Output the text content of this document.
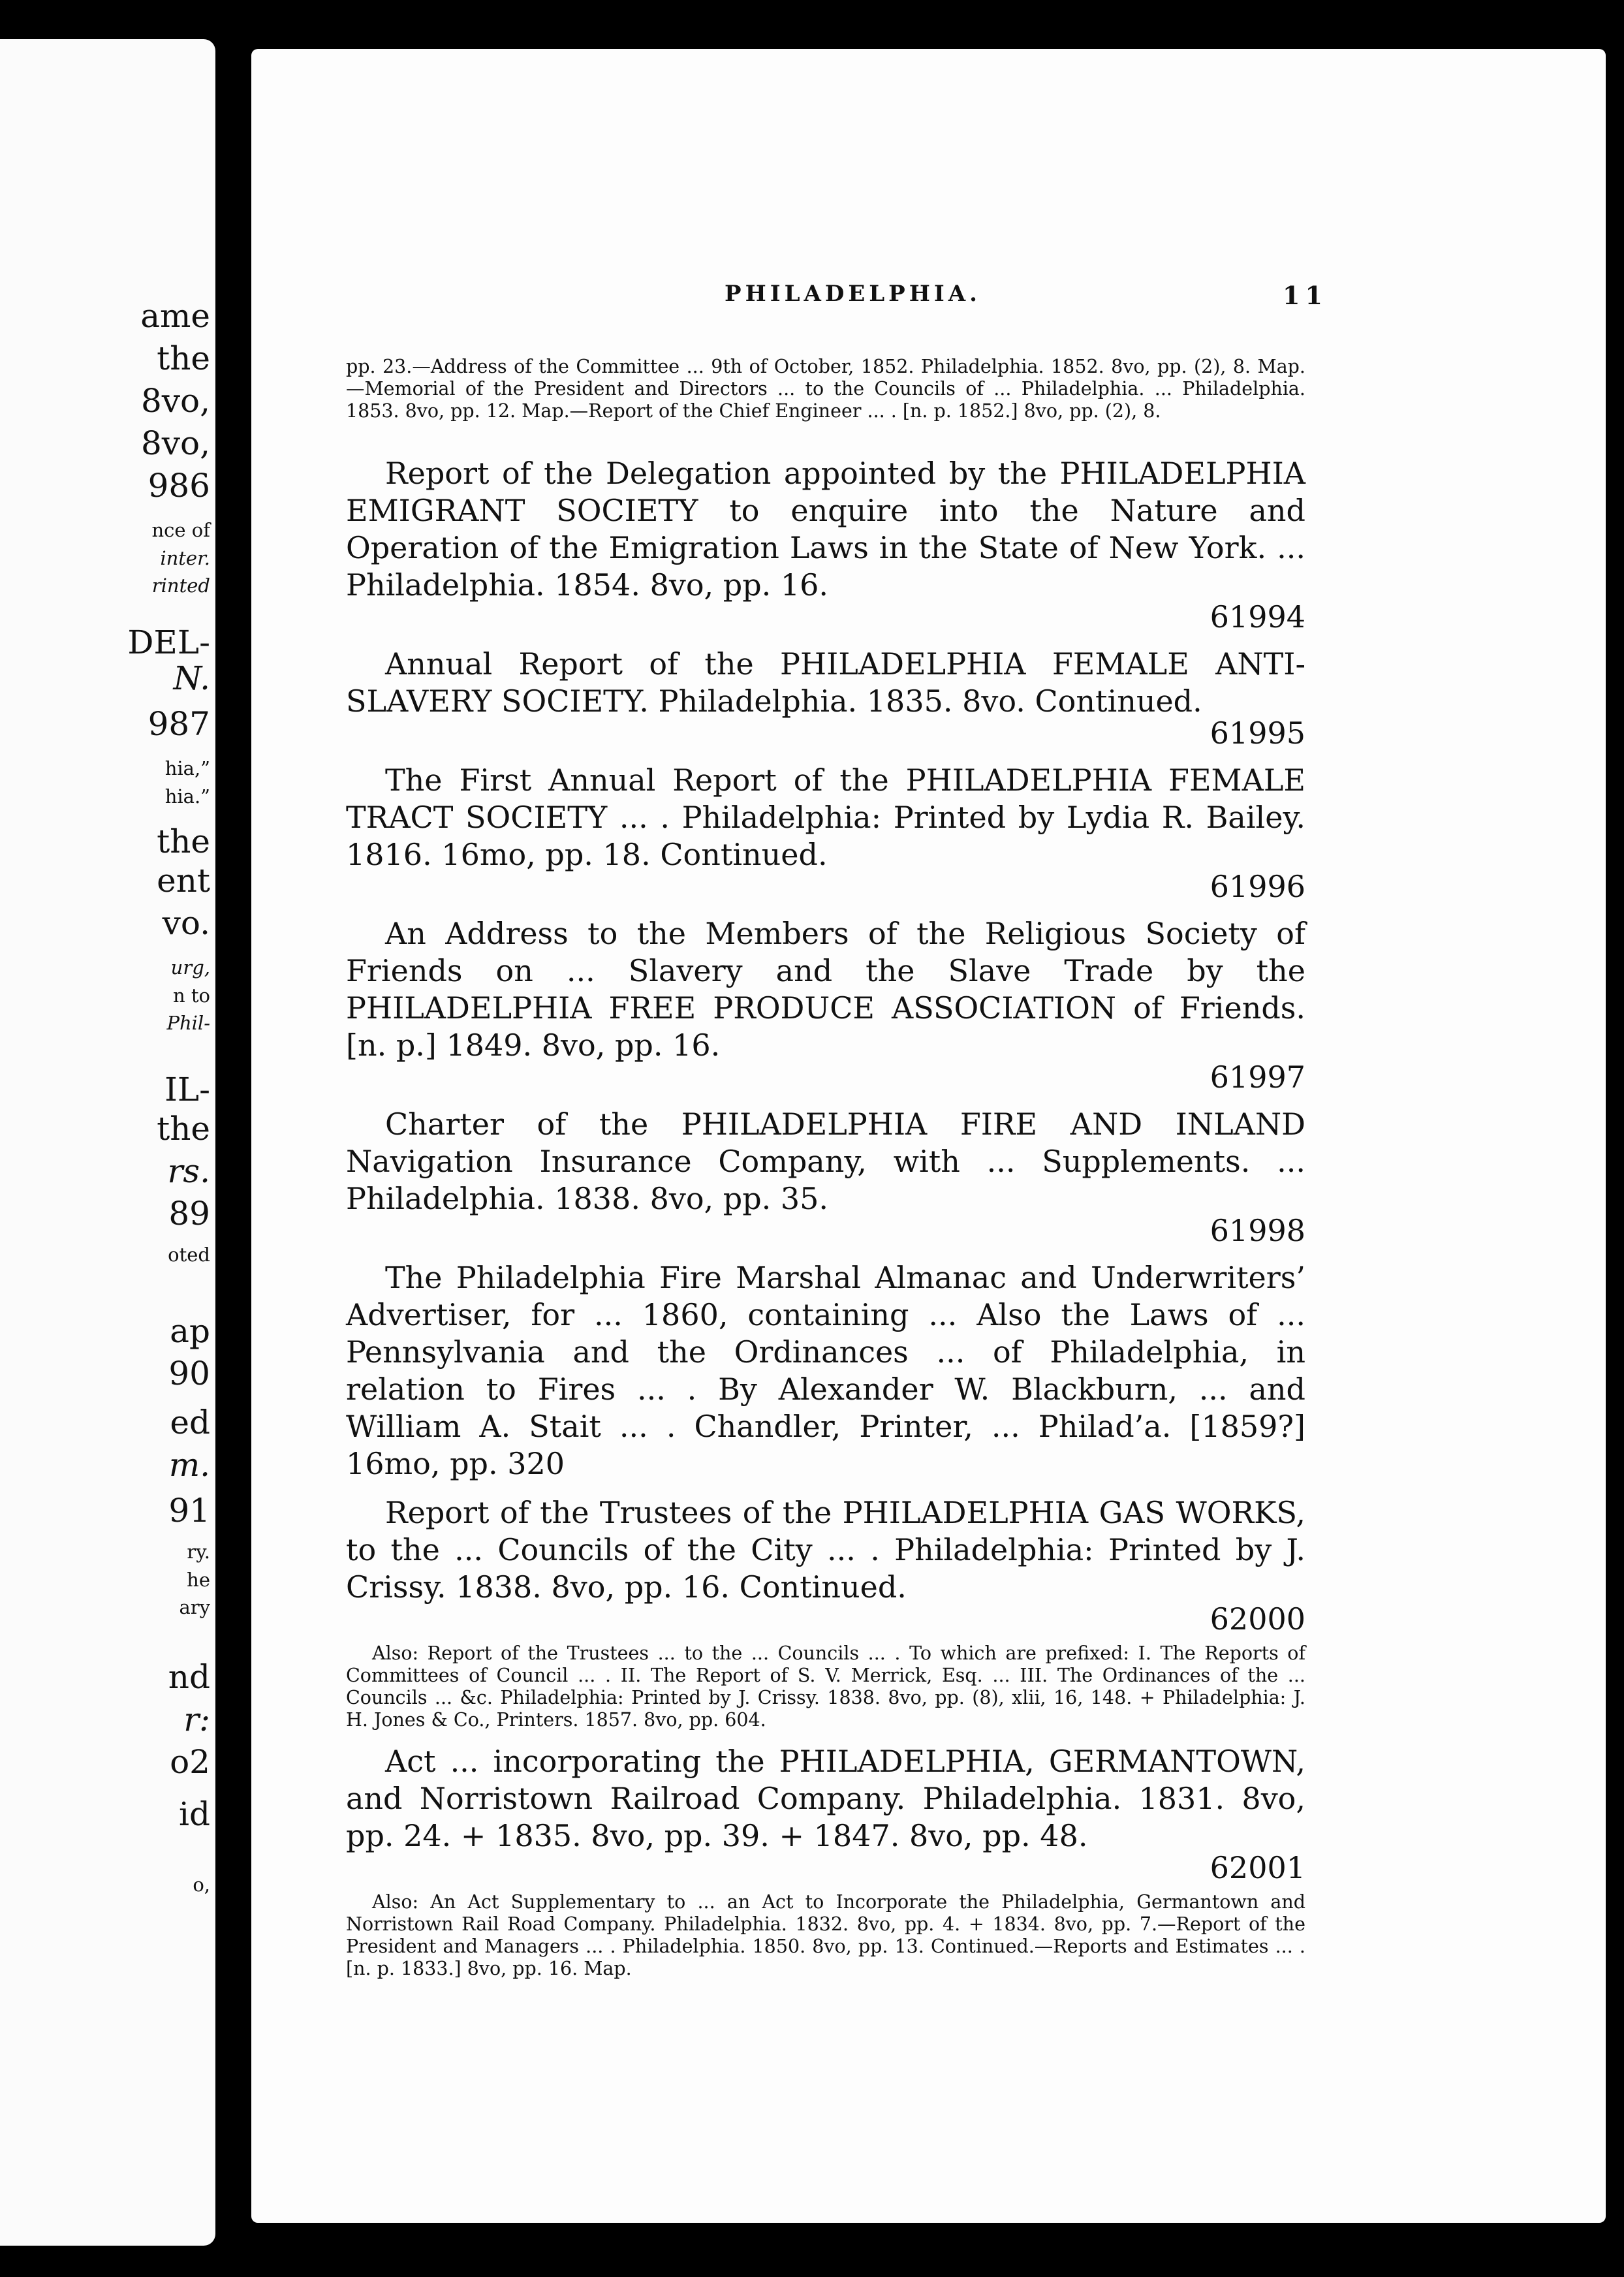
ame
the
8vo,
8vo,
986
nce of
inter.
rinted
DEL-
N.
987
hia,”
hia.”
the
ent
vo.
urg,
n to
Phil-
IL-
the
rs.
89
oted
ap
90
ed
m.
91
ry.
he
ary
nd
r:
o2
id
o,
PHILADELPHIA.	11

pp. 23.—Address of the Committee ... 9th of October, 1852. Philadelphia. 1852. 8vo, pp. (2), 8. Map.—Memorial of the President and Directors ... to the Councils of ... Philadelphia. ... Philadelphia. 1853. 8vo, pp. 12. Map.—Report of the Chief Engineer ... . [n. p. 1852.] 8vo, pp. (2), 8.

Report of the Delegation appointed by the PHILADELPHIA EMIGRANT SOCIETY to enquire into the Nature and Operation of the Emigration Laws in the State of New York. ... Philadelphia. 1854. 8vo, pp. 16.

61994

Annual Report of the PHILADELPHIA FEMALE ANTI-SLAVERY SOCIETY. Philadelphia. 1835. 8vo. Continued.

61995

The First Annual Report of the PHILADELPHIA FEMALE TRACT SOCIETY ... . Philadelphia: Printed by Lydia R. Bailey. 1816. 16mo, pp. 18. Continued.

61996

An Address to the Members of the Religious Society of Friends on ... Slavery and the Slave Trade by the PHILADELPHIA FREE PRODUCE ASSOCIATION of Friends. [n. p.] 1849. 8vo, pp. 16.

61997

Charter of the PHILADELPHIA FIRE AND INLAND Navigation Insurance Company, with ... Supplements. ... Philadelphia. 1838. 8vo, pp. 35.

61998

The Philadelphia Fire Marshal Almanac and Underwriters’ Advertiser, for ... 1860, containing ... Also the Laws of ... Pennsylvania and the Ordinances ... of Philadelphia, in relation to Fires ... . By Alexander W. Blackburn, ... and William A. Stait ... . Chandler, Printer, ... Philad’a. [1859?] 16mo, pp. 320

Report of the Trustees of the PHILADELPHIA GAS WORKS, to the ... Councils of the City ... . Philadelphia: Printed by J. Crissy. 1838. 8vo, pp. 16. Continued.

62000

Also: Report of the Trustees ... to the ... Councils ... . To which are prefixed: I. The Reports of Committees of Council ... . II. The Report of S. V. Merrick, Esq. ... III. The Ordinances of the ... Councils ... &c. Philadelphia: Printed by J. Crissy. 1838. 8vo, pp. (8), xlii, 16, 148. + Philadelphia: J. H. Jones & Co., Printers. 1857. 8vo, pp. 604.

Act ... incorporating the PHILADELPHIA, GERMANTOWN, and Norristown Railroad Company. Philadelphia. 1831. 8vo, pp. 24. + 1835. 8vo, pp. 39. + 1847. 8vo, pp. 48.

62001

Also: An Act Supplementary to ... an Act to Incorporate the Philadelphia, Germantown and Norristown Rail Road Company. Philadelphia. 1832. 8vo, pp. 4. + 1834. 8vo, pp. 7.—Report of the President and Managers ... . Philadelphia. 1850. 8vo, pp. 13. Continued.—Reports and Estimates ... . [n. p. 1833.] 8vo, pp. 16. Map.
